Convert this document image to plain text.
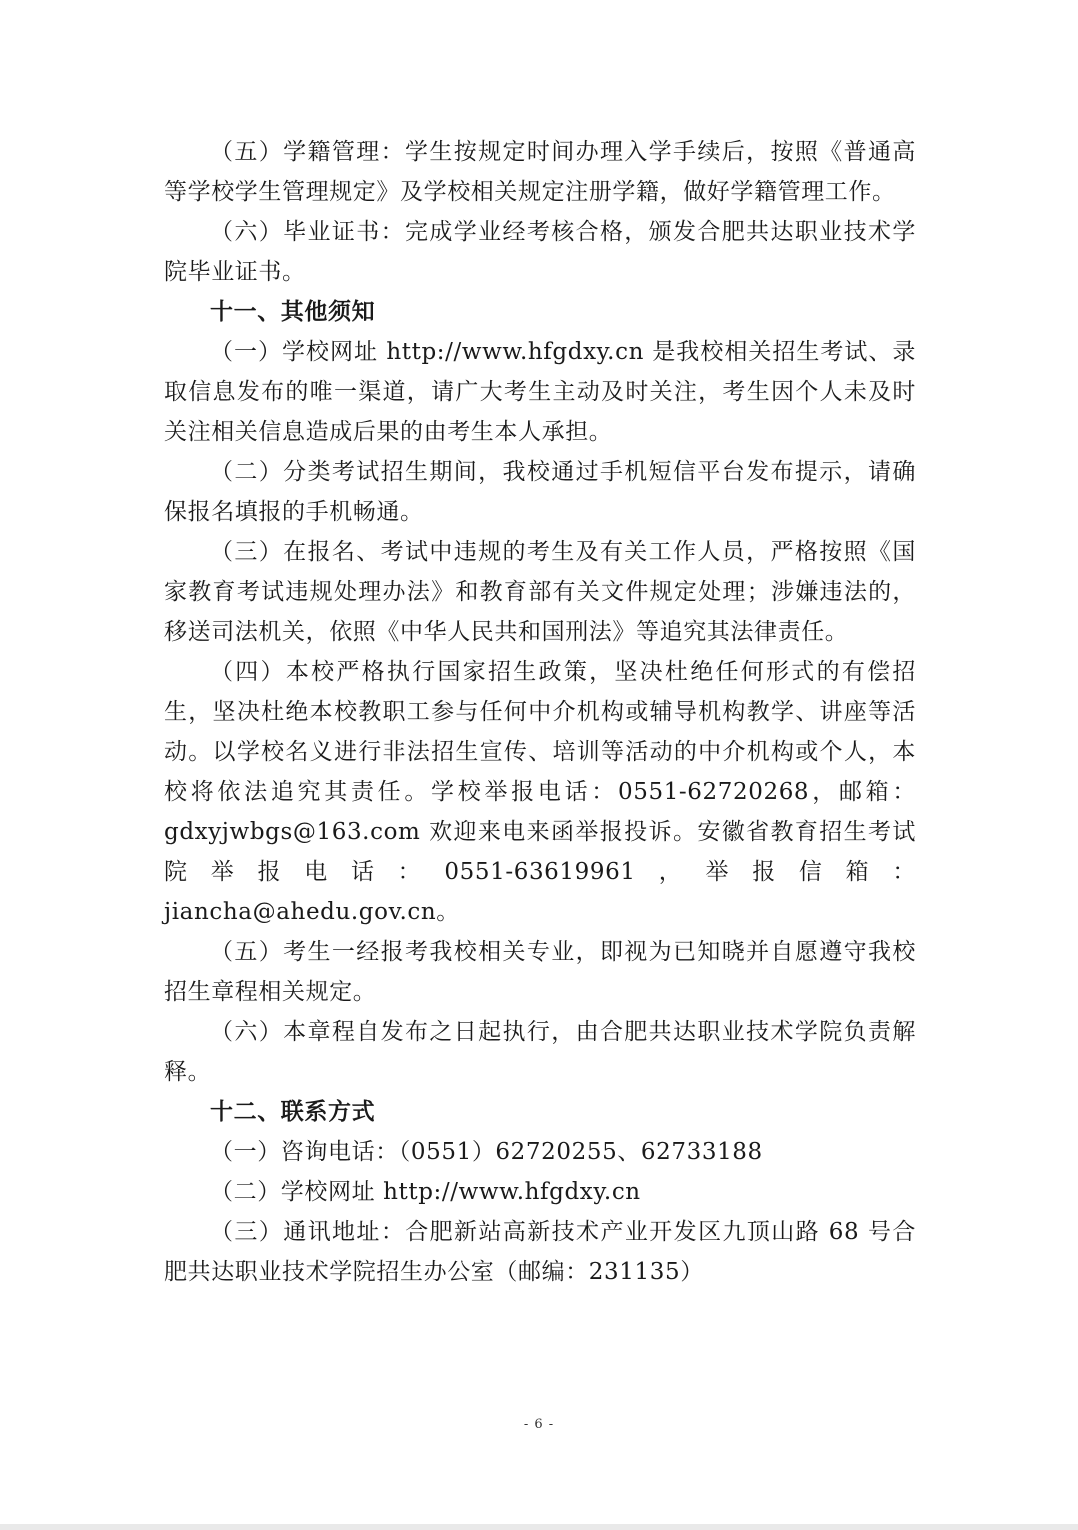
（五）学籍管理：学生按规定时间办理入学手续后，按照《普通高等学校学生管理规定》及学校相关规定注册学籍，做好学籍管理工作。

（六）毕业证书：完成学业经考核合格，颁发合肥共达职业技术学院毕业证书。

十一、其他须知

（一）学校网址 http://www.hfgdxy.cn 是我校相关招生考试、录取信息发布的唯一渠道，请广大考生主动及时关注，考生因个人未及时关注相关信息造成后果的由考生本人承担。

（二）分类考试招生期间，我校通过手机短信平台发布提示，请确保报名填报的手机畅通。

（三）在报名、考试中违规的考生及有关工作人员，严格按照《国家教育考试违规处理办法》和教育部有关文件规定处理；涉嫌违法的，移送司法机关，依照《中华人民共和国刑法》等追究其法律责任。

（四）本校严格执行国家招生政策，坚决杜绝任何形式的有偿招生，坚决杜绝本校教职工参与任何中介机构或辅导机构教学、讲座等活动。以学校名义进行非法招生宣传、培训等活动的中介机构或个人，本校将依法追究其责任。学校举报电话：0551-62720268，邮箱：gdxyjwbgs@163.com 欢迎来电来函举报投诉。安徽省教育招生考试院举报电话：0551-63619961，举报信箱：jiancha@ahedu.gov.cn。

（五）考生一经报考我校相关专业，即视为已知晓并自愿遵守我校招生章程相关规定。

（六）本章程自发布之日起执行，由合肥共达职业技术学院负责解释。

十二、联系方式

（一）咨询电话：（0551）62720255、62733188

（二）学校网址 http://www.hfgdxy.cn

（三）通讯地址：合肥新站高新技术产业开发区九顶山路 68 号合肥共达职业技术学院招生办公室（邮编：231135）

- 6 -
